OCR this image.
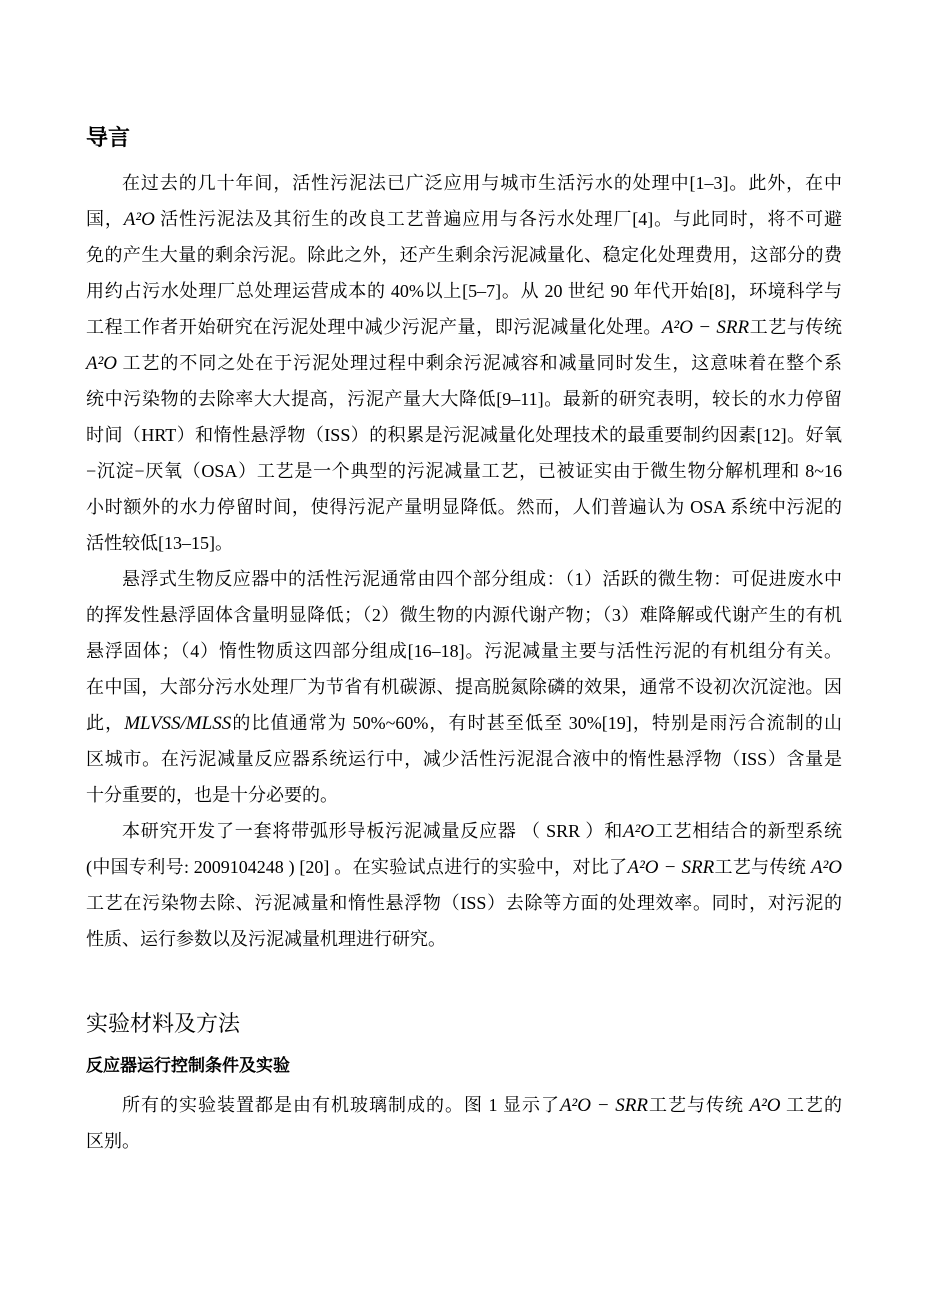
导言
在过去的几十年间，活性污泥法已广泛应用与城市生活污水的处理中[1–3]。此外，在中
国，A²O 活性污泥法及其衍生的改良工艺普遍应用与各污水处理厂[4]。与此同时，将不可避
免的产生大量的剩余污泥。除此之外，还产生剩余污泥减量化、稳定化处理费用，这部分的费
用约占污水处理厂总处理运营成本的 40%以上[5–7]。从 20 世纪 90 年代开始[8]，环境科学与
工程工作者开始研究在污泥处理中减少污泥产量，即污泥减量化处理。A²O − SRR工艺与传统
A²O 工艺的不同之处在于污泥处理过程中剩余污泥减容和减量同时发生，这意味着在整个系
统中污染物的去除率大大提高，污泥产量大大降低[9–11]。最新的研究表明，较长的水力停留
时间（HRT）和惰性悬浮物（ISS）的积累是污泥减量化处理技术的最重要制约因素[12]。好氧
−沉淀−厌氧（OSA）工艺是一个典型的污泥减量工艺，已被证实由于微生物分解机理和 8~16
小时额外的水力停留时间，使得污泥产量明显降低。然而，人们普遍认为 OSA 系统中污泥的
活性较低[13–15]。
悬浮式生物反应器中的活性污泥通常由四个部分组成：（1）活跃的微生物：可促进废水中
的挥发性悬浮固体含量明显降低；（2）微生物的内源代谢产物；（3）难降解或代谢产生的有机
悬浮固体；（4）惰性物质这四部分组成[16–18]。污泥减量主要与活性污泥的有机组分有关。
在中国，大部分污水处理厂为节省有机碳源、提高脱氮除磷的效果，通常不设初次沉淀池。因
此，MLVSS/MLSS的比值通常为 50%~60%，有时甚至低至 30%[19]，特别是雨污合流制的山
区城市。在污泥减量反应器系统运行中，减少活性污泥混合液中的惰性悬浮物（ISS）含量是
十分重要的，也是十分必要的。
本研究开发了一套将带弧形导板污泥减量反应器 （ SRR ）和A²O工艺相结合的新型系统
(中国专利号: 2009104248 ) [20] 。在实验试点进行的实验中，对比了A²O − SRR工艺与传统 A²O
工艺在污染物去除、污泥减量和惰性悬浮物（ISS）去除等方面的处理效率。同时，对污泥的
性质、运行参数以及污泥减量机理进行研究。
实验材料及方法
反应器运行控制条件及实验
所有的实验装置都是由有机玻璃制成的。图 1 显示了A²O − SRR工艺与传统 A²O 工艺的
区别。
